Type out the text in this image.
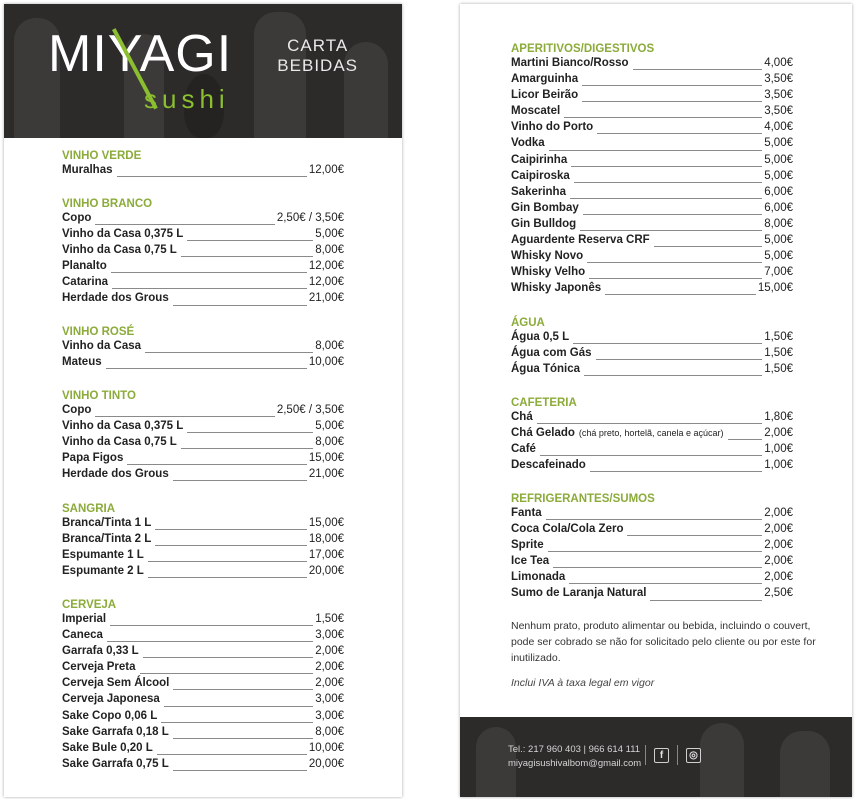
MIYAGI
sushi
CARTA
BEBIDAS
VINHO VERDE
Muralhas	12,00€
VINHO BRANCO
Copo	2,50€ / 3,50€
Vinho da Casa 0,375 L	5,00€
Vinho da Casa 0,75 L	8,00€
Planalto	12,00€
Catarina	12,00€
Herdade dos Grous	21,00€
VINHO ROSÉ
Vinho da Casa	8,00€
Mateus	10,00€
VINHO TINTO
Copo	2,50€ / 3,50€
Vinho da Casa 0,375 L	5,00€
Vinho da Casa 0,75 L	8,00€
Papa Figos	15,00€
Herdade dos Grous	21,00€
SANGRIA
Branca/Tinta 1 L	15,00€
Branca/Tinta 2 L	18,00€
Espumante 1 L	17,00€
Espumante 2 L	20,00€
CERVEJA
Imperial	1,50€
Caneca	3,00€
Garrafa 0,33 L	2,00€
Cerveja Preta	2,00€
Cerveja Sem Álcool	2,00€
Cerveja Japonesa	3,00€
Sake Copo 0,06 L	3,00€
Sake Garrafa 0,18 L	8,00€
Sake Bule 0,20 L	10,00€
Sake Garrafa 0,75 L	20,00€
APERITIVOS/DIGESTIVOS
Martini Bianco/Rosso	4,00€
Amarguinha	3,50€
Licor Beirão	3,50€
Moscatel	3,50€
Vinho do Porto	4,00€
Vodka	5,00€
Caipirinha	5,00€
Caipiroska	5,00€
Sakerinha	6,00€
Gin Bombay	6,00€
Gin Bulldog	8,00€
Aguardente Reserva CRF	5,00€
Whisky Novo	5,00€
Whisky Velho	7,00€
Whisky Japonês	15,00€
ÁGUA
Água 0,5 L	1,50€
Água com Gás	1,50€
Água Tónica	1,50€
CAFETERIA
Chá	1,80€
Chá Gelado (chá preto, hortelã, canela e açúcar)	2,00€
Café	1,00€
Descafeinado	1,00€
REFRIGERANTES/SUMOS
Fanta	2,00€
Coca Cola/Cola Zero	2,00€
Sprite	2,00€
Ice Tea	2,00€
Limonada	2,00€
Sumo de Laranja Natural	2,50€
Nenhum prato, produto alimentar ou bebida, incluindo o couvert, pode ser cobrado se não for solicitado pelo cliente ou por este for inutilizado.
Inclui IVA à taxa legal em vigor
Tel.: 217 960 403 | 966 614 111
miyagisushivalbom@gmail.com
f	◎
